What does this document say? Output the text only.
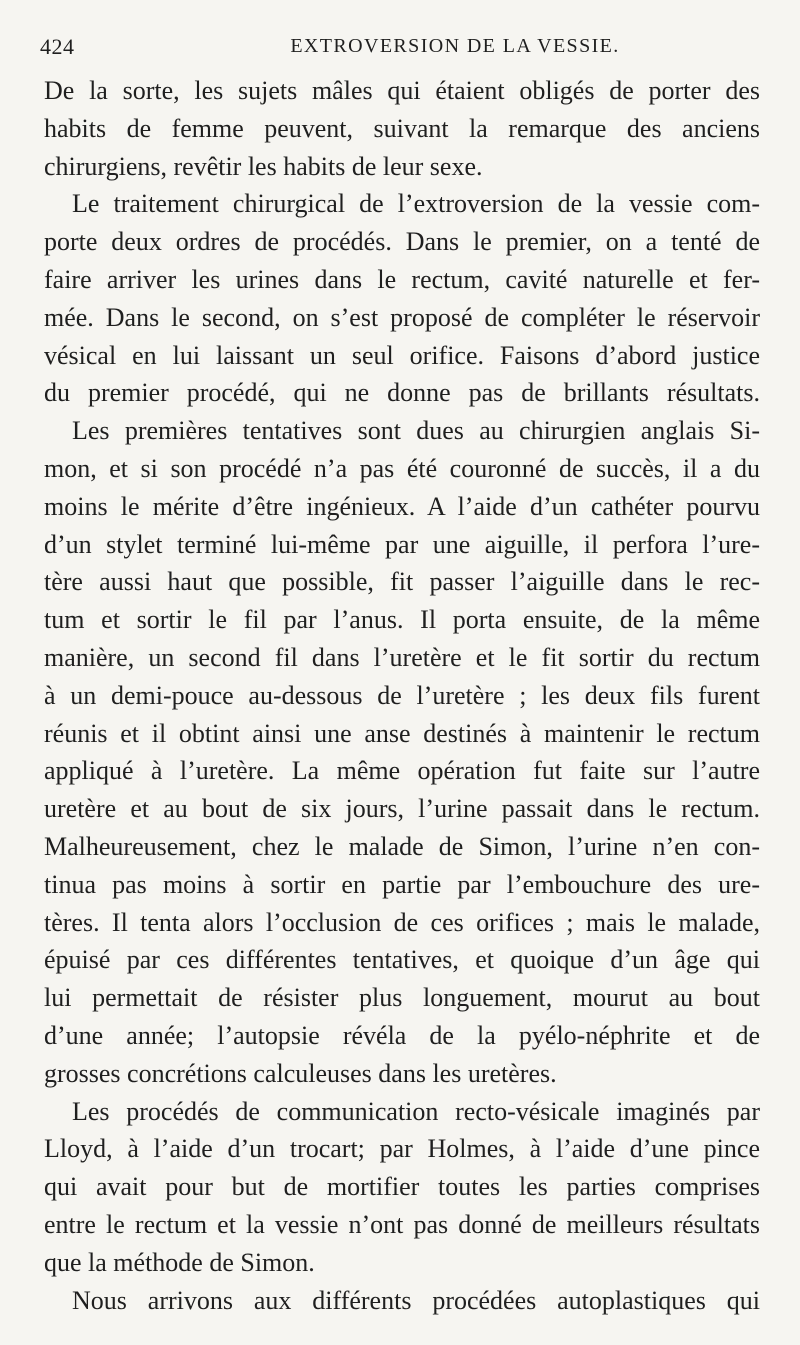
424	EXTROVERSION DE LA VESSIE.
De la sorte, les sujets mâles qui étaient obligés de porter des
habits de femme peuvent, suivant la remarque des anciens
chirurgiens, revêtir les habits de leur sexe.
Le traitement chirurgical de l’extroversion de la vessie com-
porte deux ordres de procédés. Dans le premier, on a tenté de
faire arriver les urines dans le rectum, cavité naturelle et fer-
mée. Dans le second, on s’est proposé de compléter le réservoir
vésical en lui laissant un seul orifice. Faisons d’abord justice
du premier procédé, qui ne donne pas de brillants résultats.
Les premières tentatives sont dues au chirurgien anglais Si-
mon, et si son procédé n’a pas été couronné de succès, il a du
moins le mérite d’être ingénieux. A l’aide d’un cathéter pourvu
d’un stylet terminé lui-même par une aiguille, il perfora l’ure-
tère aussi haut que possible, fit passer l’aiguille dans le rec-
tum et sortir le fil par l’anus. Il porta ensuite, de la même
manière, un second fil dans l’uretère et le fit sortir du rectum
à un demi-pouce au-dessous de l’uretère ; les deux fils furent
réunis et il obtint ainsi une anse destinés à maintenir le rectum
appliqué à l’uretère. La même opération fut faite sur l’autre
uretère et au bout de six jours, l’urine passait dans le rectum.
Malheureusement, chez le malade de Simon, l’urine n’en con-
tinua pas moins à sortir en partie par l’embouchure des ure-
tères. Il tenta alors l’occlusion de ces orifices ; mais le malade,
épuisé par ces différentes tentatives, et quoique d’un âge qui
lui permettait de résister plus longuement, mourut au bout
d’une année; l’autopsie révéla de la pyélo-néphrite et de
grosses concrétions calculeuses dans les uretères.
Les procédés de communication recto-vésicale imaginés par
Lloyd, à l’aide d’un trocart; par Holmes, à l’aide d’une pince
qui avait pour but de mortifier toutes les parties comprises
entre le rectum et la vessie n’ont pas donné de meilleurs résultats
que la méthode de Simon.
Nous arrivons aux différents procédées autoplastiques qui
